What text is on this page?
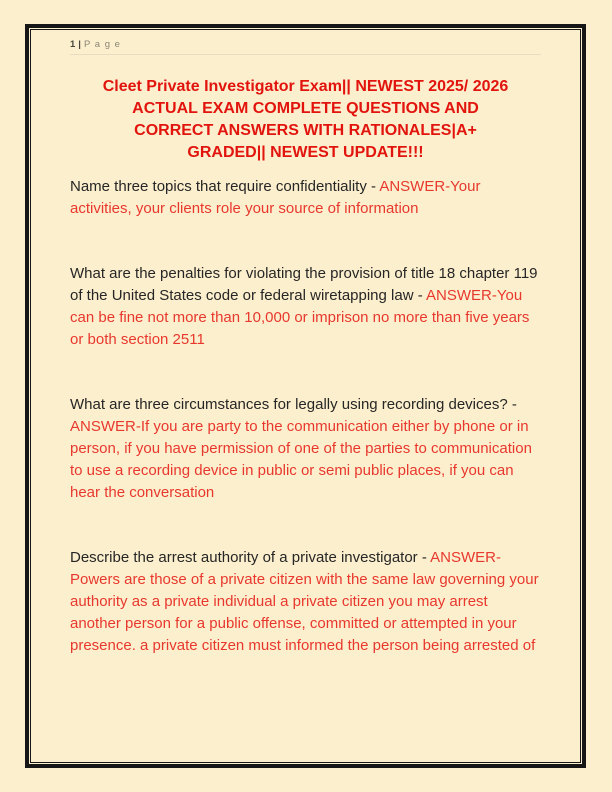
1 | P a g e
Cleet Private Investigator Exam|| NEWEST 2025/ 2026
ACTUAL EXAM COMPLETE QUESTIONS AND
CORRECT ANSWERS WITH RATIONALES|A+
GRADED|| NEWEST UPDATE!!!

Name three topics that require confidentiality - ANSWER-Your activities, your clients role your source of information

What are the penalties for violating the provision of title 18 chapter 119 of the United States code or federal wiretapping law - ANSWER-You can be fine not more than 10,000 or imprison no more than five years or both section 2511

What are three circumstances for legally using recording devices? - ANSWER-If you are party to the communication either by phone or in person, if you have permission of one of the parties to communication to use a recording device in public or semi public places, if you can hear the conversation

Describe the arrest authority of a private investigator - ANSWER-Powers are those of a private citizen with the same law governing your authority as a private individual a private citizen you may arrest another person for a public offense, committed or attempted in your presence. a private citizen must informed the person being arrested of
